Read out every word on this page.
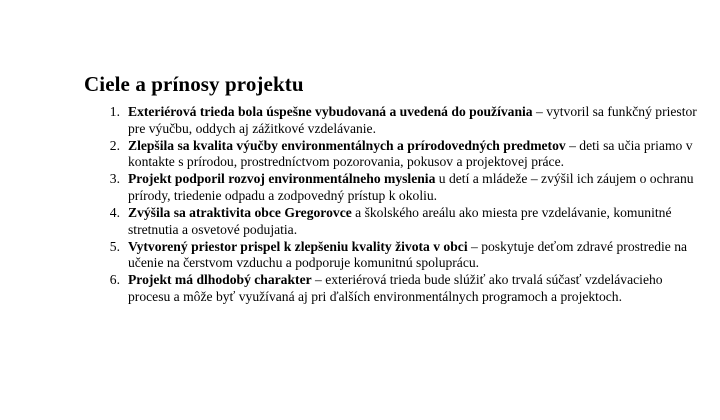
Ciele a prínosy projektu
1. Exteriérová trieda bola úspešne vybudovaná a uvedená do používania – vytvoril sa funkčný priestor pre výučbu, oddych aj zážitkové vzdelávanie.
2. Zlepšila sa kvalita výučby environmentálnych a prírodovedných predmetov – deti sa učia priamo v kontakte s prírodou, prostredníctvom pozorovania, pokusov a projektovej práce.
3. Projekt podporil rozvoj environmentálneho myslenia u detí a mládeže – zvýšil ich záujem o ochranu prírody, triedenie odpadu a zodpovedný prístup k okoliu.
4. Zvýšila sa atraktivita obce Gregorovce a školského areálu ako miesta pre vzdelávanie, komunitné stretnutia a osvetové podujatia.
5. Vytvorený priestor prispel k zlepšeniu kvality života v obci – poskytuje deťom zdravé prostredie na učenie na čerstvom vzduchu a podporuje komunitnú spoluprácu.
6. Projekt má dlhodobý charakter – exteriérová trieda bude slúžiť ako trvalá súčasť vzdelávacieho procesu a môže byť využívaná aj pri ďalších environmentálnych programoch a projektoch.
